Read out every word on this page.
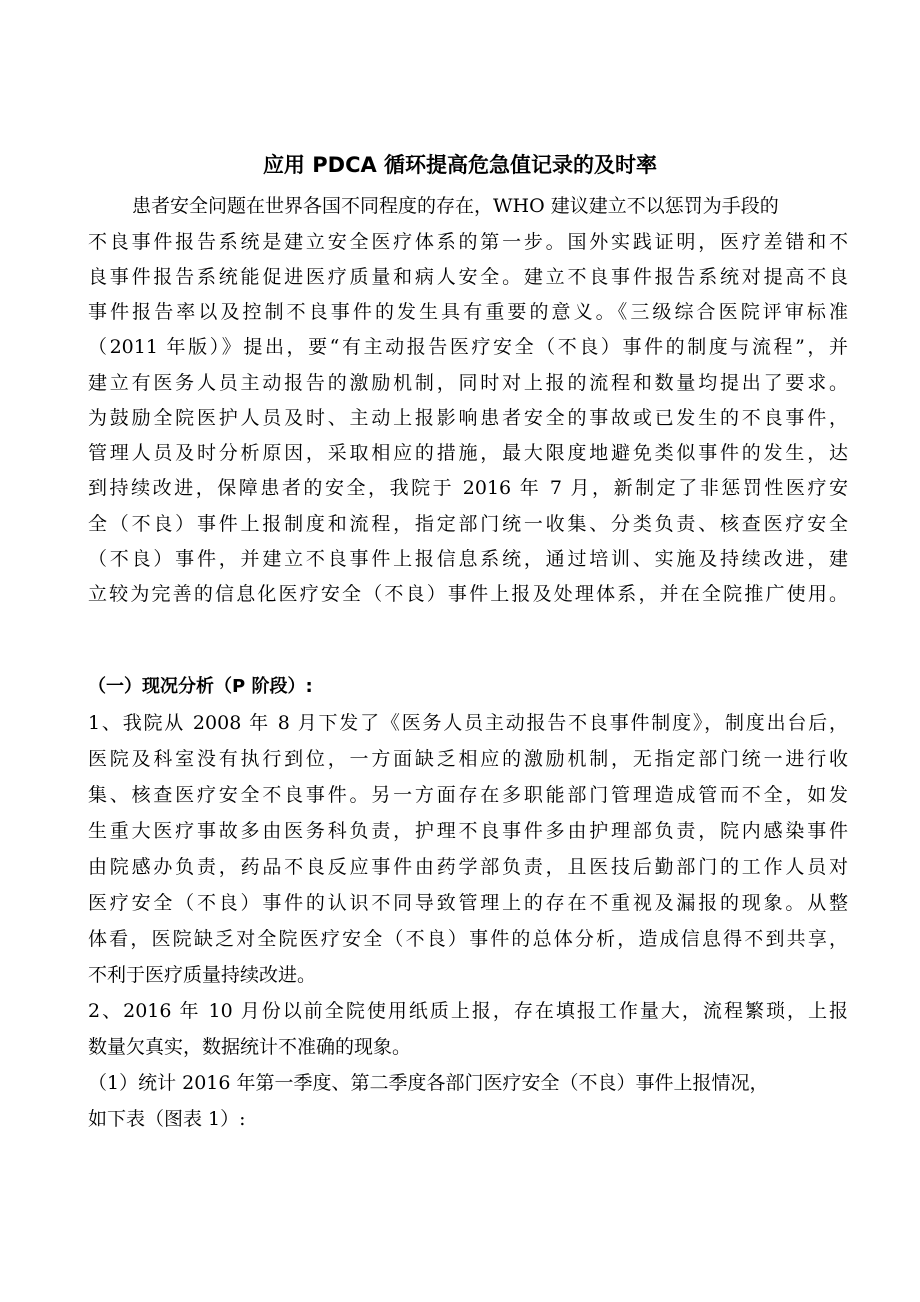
应用 PDCA 循环提高危急值记录的及时率
患者安全问题在世界各国不同程度的存在，WHO 建议建立不以惩罚为手段的
不良事件报告系统是建立安全医疗体系的第一步。国外实践证明，医疗差错和不
良事件报告系统能促进医疗质量和病人安全。建立不良事件报告系统对提高不良
事件报告率以及控制不良事件的发生具有重要的意义。《三级综合医院评审标准
（2011 年版）》提出，要“有主动报告医疗安全（不良）事件的制度与流程”，并
建立有医务人员主动报告的激励机制，同时对上报的流程和数量均提出了要求。
为鼓励全院医护人员及时、主动上报影响患者安全的事故或已发生的不良事件，
管理人员及时分析原因，采取相应的措施，最大限度地避免类似事件的发生，达
到持续改进，保障患者的安全，我院于 2016 年 7 月，新制定了非惩罚性医疗安
全（不良）事件上报制度和流程，指定部门统一收集、分类负责、核查医疗安全
（不良）事件，并建立不良事件上报信息系统，通过培训、实施及持续改进，建
立较为完善的信息化医疗安全（不良）事件上报及处理体系，并在全院推广使用。
（一）现况分析（P 阶段）:
1、我院从 2008 年 8 月下发了《医务人员主动报告不良事件制度》，制度出台后，
医院及科室没有执行到位，一方面缺乏相应的激励机制，无指定部门统一进行收
集、核查医疗安全不良事件。另一方面存在多职能部门管理造成管而不全，如发
生重大医疗事故多由医务科负责，护理不良事件多由护理部负责，院内感染事件
由院感办负责，药品不良反应事件由药学部负责，且医技后勤部门的工作人员对
医疗安全（不良）事件的认识不同导致管理上的存在不重视及漏报的现象。从整
体看，医院缺乏对全院医疗安全（不良）事件的总体分析，造成信息得不到共享，
不利于医疗质量持续改进。
2、2016 年 10 月份以前全院使用纸质上报，存在填报工作量大，流程繁琐，上报
数量欠真实，数据统计不准确的现象。
（1）统计 2016 年第一季度、第二季度各部门医疗安全（不良）事件上报情况，
如下表（图表 1）:
